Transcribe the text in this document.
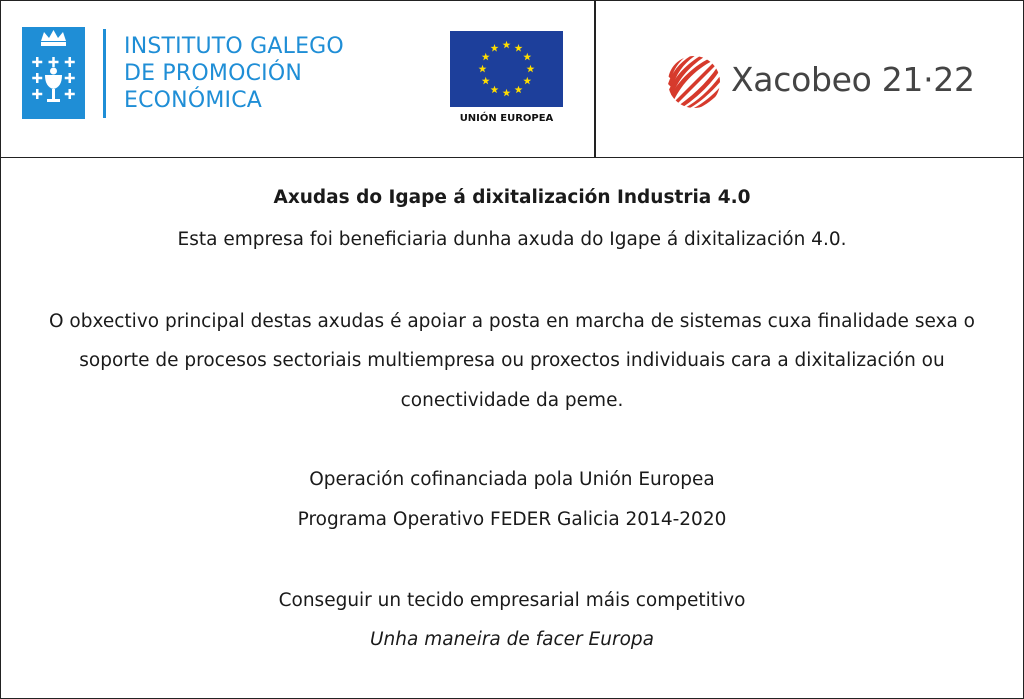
INSTITUTO GALEGO
DE PROMOCIÓN
ECONÓMICA
UNIÓN EUROPEA
Xacobeo 21·22
Axudas do Igape á dixitalización Industria 4.0
Esta empresa foi beneficiaria dunha axuda do Igape á dixitalización 4.0.
O obxectivo principal destas axudas é apoiar a posta en marcha de sistemas cuxa finalidade sexa o
soporte de procesos sectoriais multiempresa ou proxectos individuais cara a dixitalización ou
conectividade da peme.
Operación cofinanciada pola Unión Europea
Programa Operativo FEDER Galicia 2014-2020
Conseguir un tecido empresarial máis competitivo
Unha maneira de facer Europa
